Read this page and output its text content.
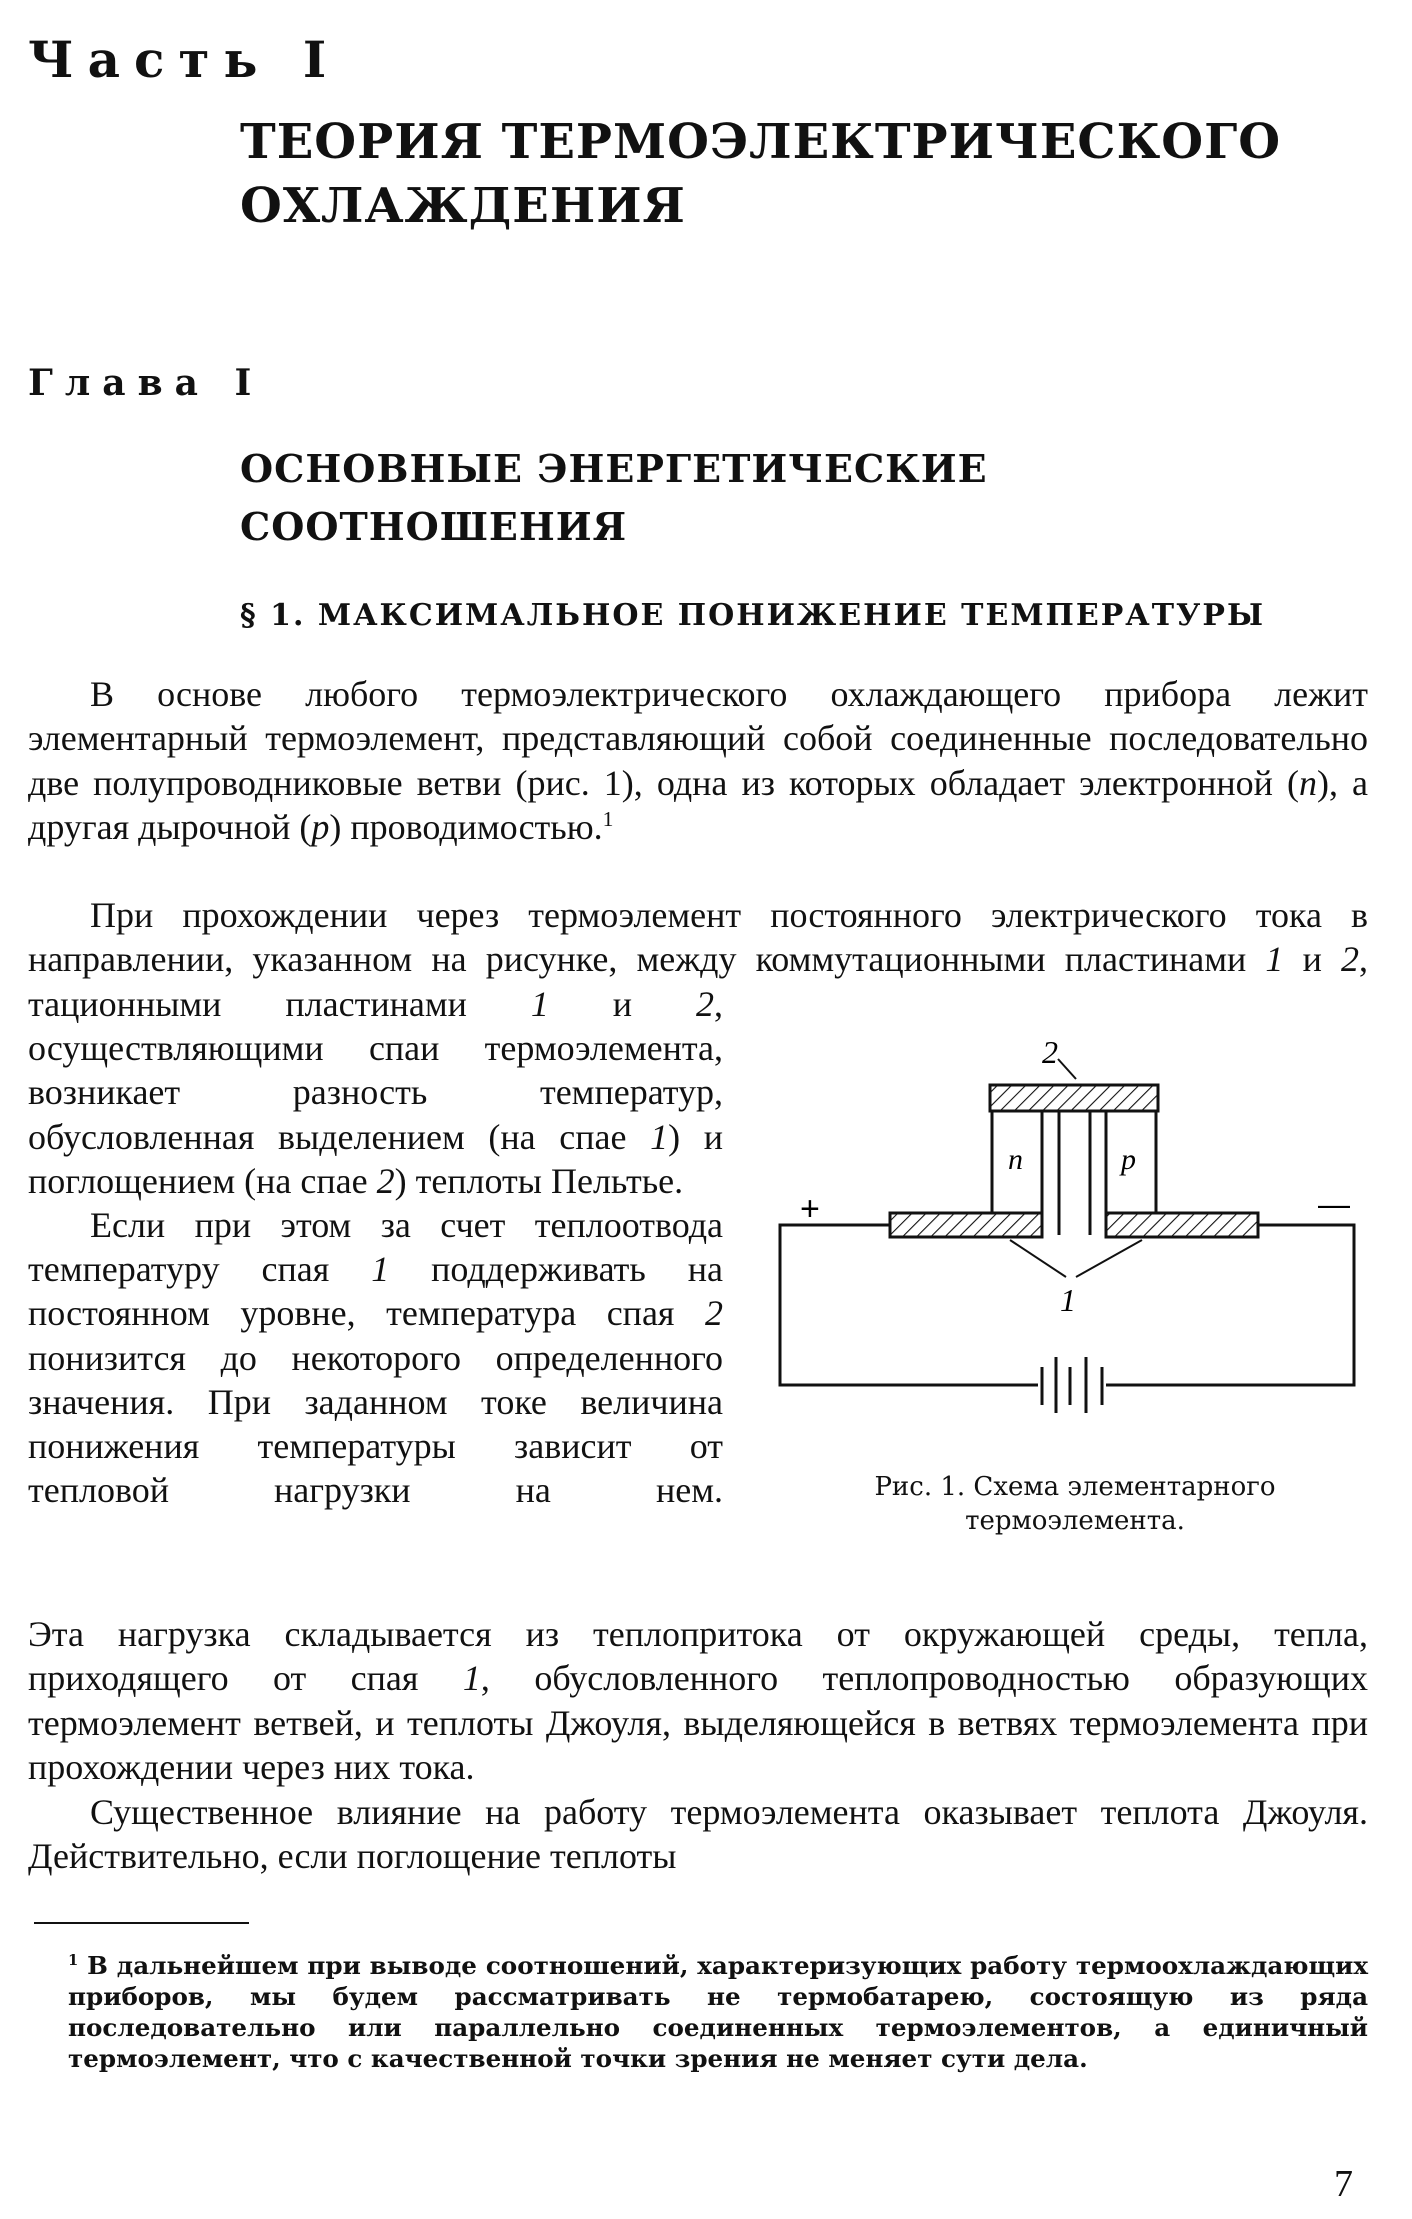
Часть I
ТЕОРИЯ ТЕРМОЭЛЕКТРИЧЕСКОГО ОХЛАЖДЕНИЯ
Глава I
ОСНОВНЫЕ ЭНЕРГЕТИЧЕСКИЕ СООТНОШЕНИЯ
§ 1. МАКСИМАЛЬНОЕ ПОНИЖЕНИЕ ТЕМПЕРАТУРЫ
В основе любого термоэлектрического охлаждающего прибора лежит элементарный термоэлемент, представляющий собой соединенные последовательно две полупроводниковые ветви (рис. 1), одна из которых обладает электронной (n), а другая дырочной (p) проводимостью.$^1$
При прохождении через термоэлемент постоянного электрического тока в направлении, указанном на рисунке, между коммутационными пластинами 1 и 2,
тационными пластинами 1 и 2, осуществляющими спаи термоэлемента, возникает разность температур, обусловленная выделением (на спае 1) и поглощением (на спае 2) теплоты Пельтье.
Если при этом за счет теплоотвода температуру спая 1 поддерживать на постоянном уровне, температура спая 2 понизится до некоторого определенного значения. При заданном токе величина понижения температуры зависит от тепловой нагрузки на нем.
Эта нагрузка складывается из теплопритока от окружающей среды, тепла, приходящего от спая 1, обусловленного теплопроводностью образующих термоэлемент ветвей, и теплоты Джоуля, выделяющейся в ветвях термоэлемента при прохождении через них тока.
Существенное влияние на работу термоэлемента оказывает теплота Джоуля. Действительно, если поглощение теплоты
2
n	p
+	—
1
Рис. 1. Схема элементарного термоэлемента.
$^1$ В дальнейшем при выводе соотношений, характеризующих работу термоохлаждающих приборов, мы будем рассматривать не термобатарею, состоящую из ряда последовательно или параллельно соединенных термоэлементов, а единичный термоэлемент, что с качественной точки зрения не меняет сути дела.
7
